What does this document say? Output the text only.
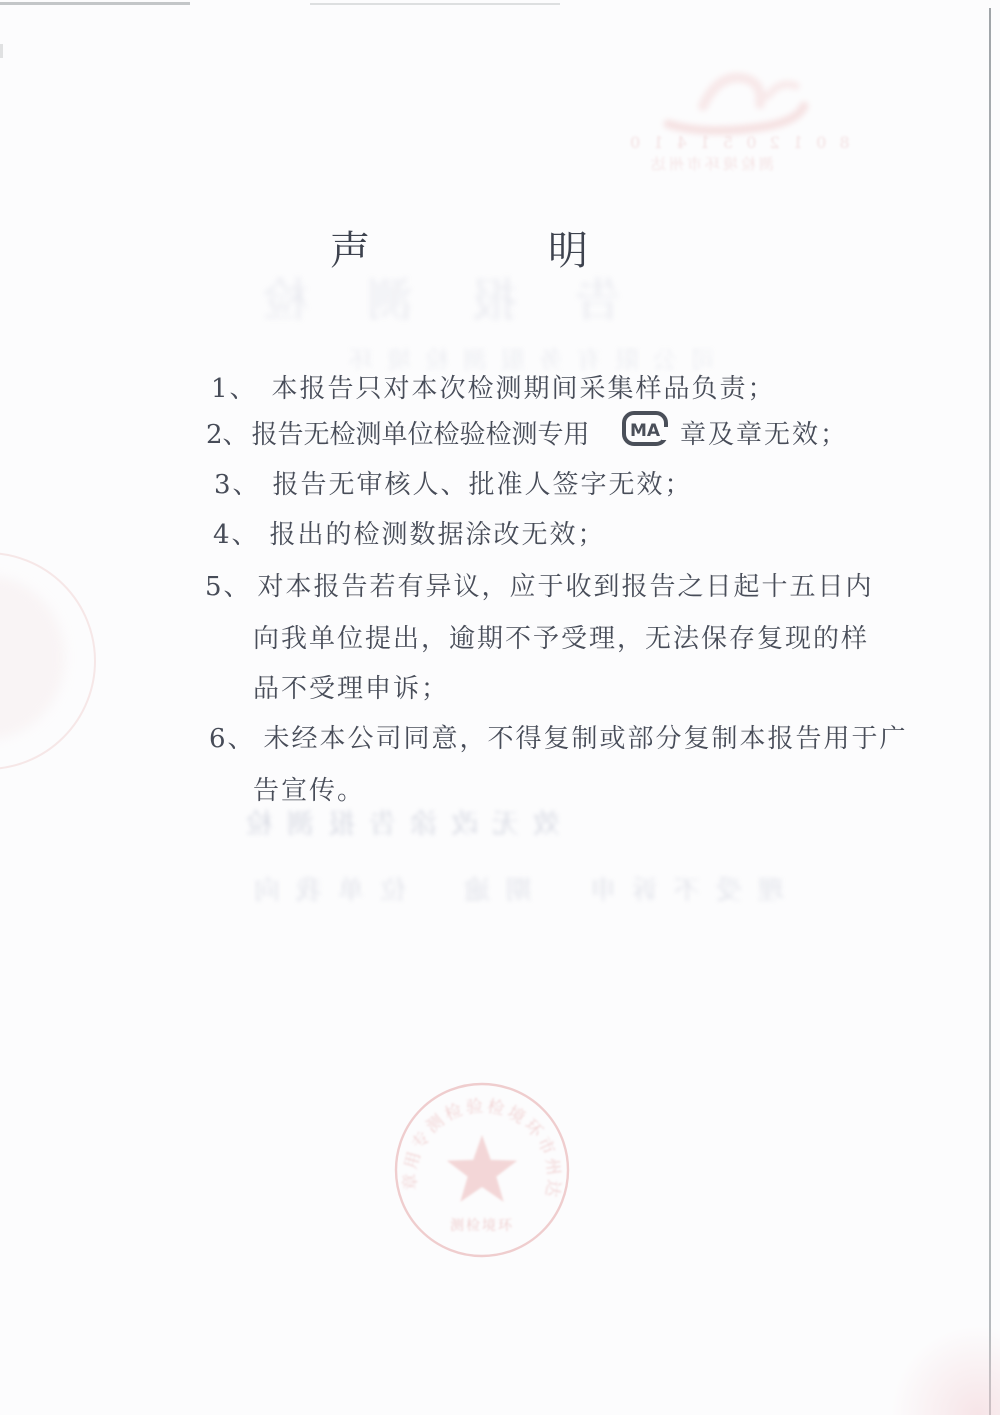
8 0 1 2 0 5 1 4 1 0
测检境环市州达
声	明
告报测检
司公限有务服测检境环
效无改涂告报测检
理受不诉申　期逾　位单我向
1、 本报告只对本次检测期间采集样品负责；
2、 报告无检测单位检验检测专用 MA 章及章无效；
3、 报告无审核人、批准人签字无效；
4、 报出的检测数据涂改无效；
5、 对本报告若有异议，应于收到报告之日起十五日内
向我单位提出，逾期不予受理，无法保存复现的样
品不受理申诉；
6、 未经本公司同意，不得复制或部分复制本报告用于广
告宣传。
章用专测检验检境环市州达
测检境环
